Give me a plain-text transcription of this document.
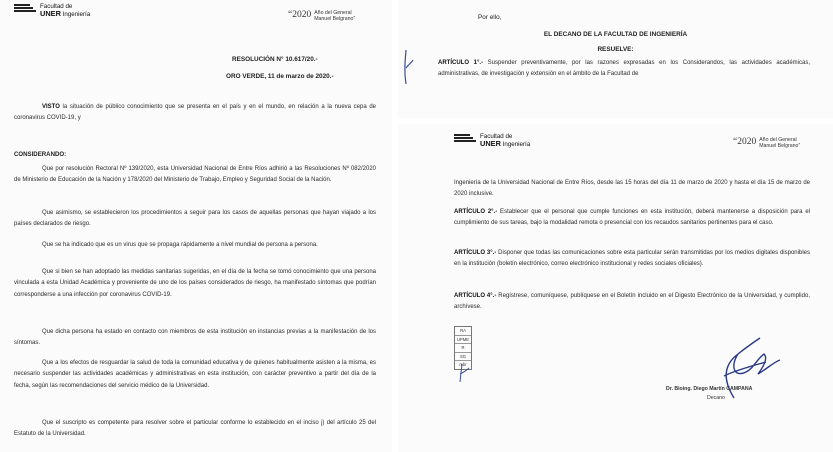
Facultad de
UNER Ingeniería	“2020 Año del General
Manuel Belgrano”
RESOLUCIÓN N° 10.617/20.-
ORO VERDE, 11 de marzo de 2020.-
VISTO la situación de público conocimiento que se presenta en el país y en el mundo, en relación a la nueva cepa de coronavirus COVID-19, y
CONSIDERANDO:
Que por resolución Rectoral Nº 139/2020, esta Universidad Nacional de Entre Ríos adhirió a las Resoluciones Nº 082/2020 de Ministerio de Educación de la Nación y 178/2020 del Ministerio de Trabajo, Empleo y Seguridad Social de la Nación.
Que asimismo, se establecieron los procedimientos a seguir para los casos de aquellas personas que hayan viajado a los países declarados de riesgo.
Que se ha indicado que es un virus que se propaga rápidamente a nivel mundial de persona a persona.
Que si bien se han adoptado las medidas sanitarias sugeridas, en el día de la fecha se tomó conocimiento que una persona vinculada a esta Unidad Académica y proveniente de uno de los países considerados de riesgo, ha manifestado síntomas que podrían corresponderse a una infección por coronavirus COVID-19.
Que dicha persona ha estado en contacto con miembros de esta institución en instancias previas a la manifestación de los síntomas.
Que a los efectos de resguardar la salud de toda la comunidad educativa y de quienes habitualmente asisten a la misma, es necesario suspender las actividades académicas y administrativas en esta institución, con carácter preventivo a partir del día de la fecha, según las recomendaciones del servicio médico de la Universidad.
Que el suscripto es competente para resolver sobre el particular conforme lo establecido en el inciso j) del artículo 25 del Estatuto de la Universidad.
Por ello,
EL DECANO DE LA FACULTAD DE INGENIERÍA
RESUELVE:
ARTÍCULO 1°.- Suspender preventivamente, por las razones expresadas en los Considerandos, las actividades académicas, administrativas, de investigación y extensión en el ámbito de la Facultad de
Facultad de
UNER Ingeniería	“2020 Año del General
Manuel Belgrano”
Ingeniería de la Universidad Nacional de Entre Ríos, desde las 15 horas del día 11 de marzo de 2020 y hasta el día 15 de marzo de 2020 inclusive.
ARTÍCULO 2°.- Establecer que el personal que cumple funciones en esta institución, deberá mantenerse a disposición para el cumplimiento de sus tareas, bajo la modalidad remota o presencial con los recaudos sanitarios pertinentes para el caso.
ARTÍCULO 3°.- Disponer que todas las comunicaciones sobre esta particular serán transmitidas por los medios digitales disponibles en la institución (boletín electrónico, correo electrónico institucional y redes sociales oficiales).
ARTÍCULO 4°.- Regístrese, comuníquese, publíquese en el Boletín incluido en el Digesto Electrónico de la Universidad, y cumplido, archívese.
RA
UPME
R
SG
mbr
Dr. Bioing. Diego Martín CAMPANA
Decano
